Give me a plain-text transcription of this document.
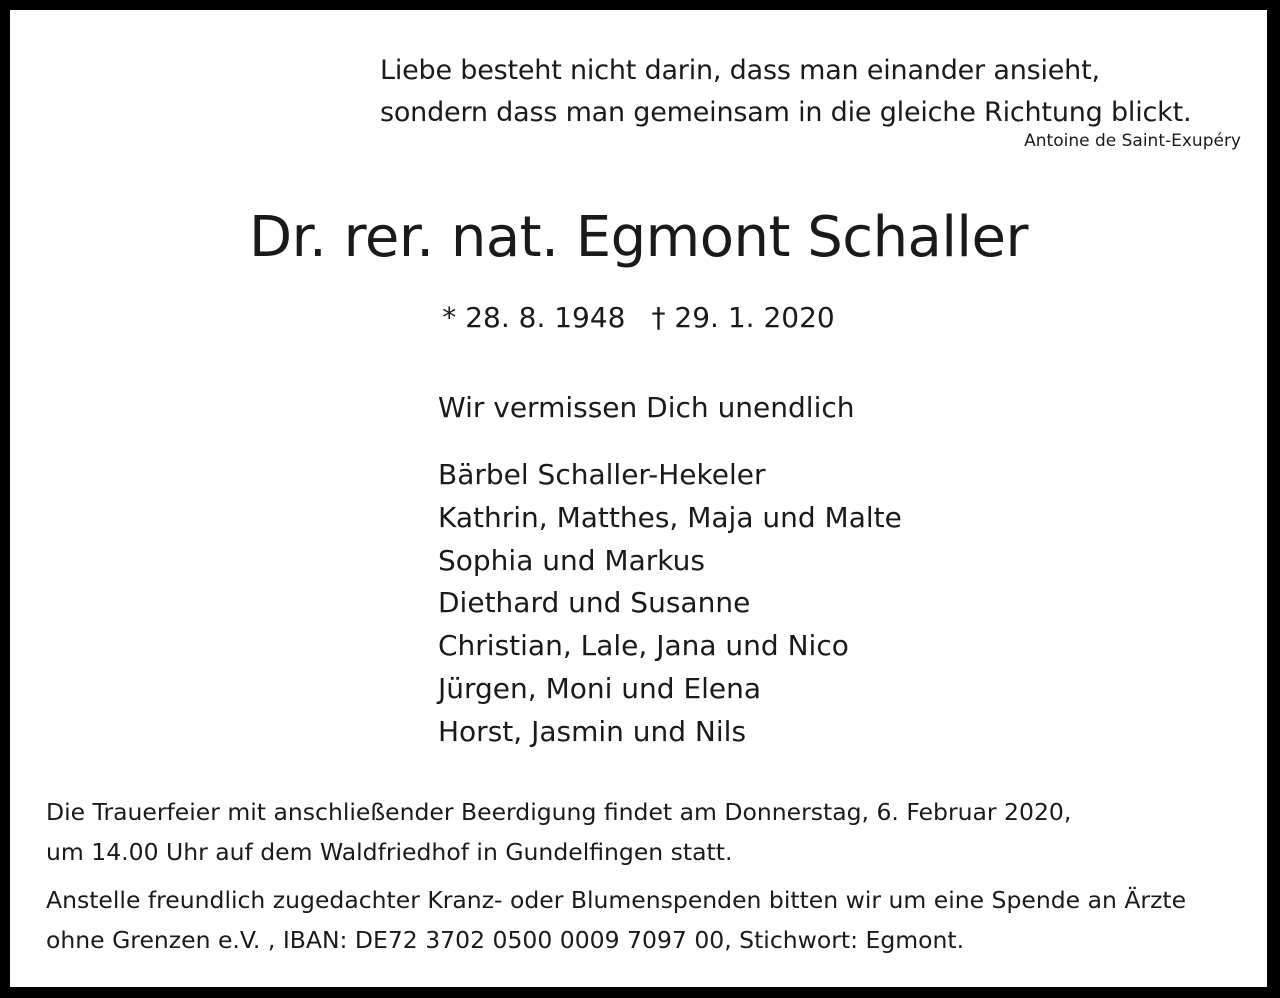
Liebe besteht nicht darin, dass man einander ansieht,
sondern dass man gemeinsam in die gleiche Richtung blickt.
Antoine de Saint-Exupéry
Dr. rer. nat. Egmont Schaller
* 28. 8. 1948 † 29. 1. 2020
Wir vermissen Dich unendlich
Bärbel Schaller-Hekeler
Kathrin, Matthes, Maja und Malte
Sophia und Markus
Diethard und Susanne
Christian, Lale, Jana und Nico
Jürgen, Moni und Elena
Horst, Jasmin und Nils

Die Trauerfeier mit anschließender Beerdigung findet am Donnerstag, 6. Februar 2020,
um 14.00 Uhr auf dem Waldfriedhof in Gundelfingen statt.

Anstelle freundlich zugedachter Kranz- oder Blumenspenden bitten wir um eine Spende an Ärzte
ohne Grenzen e.V. , IBAN: DE72 3702 0500 0009 7097 00, Stichwort: Egmont.
